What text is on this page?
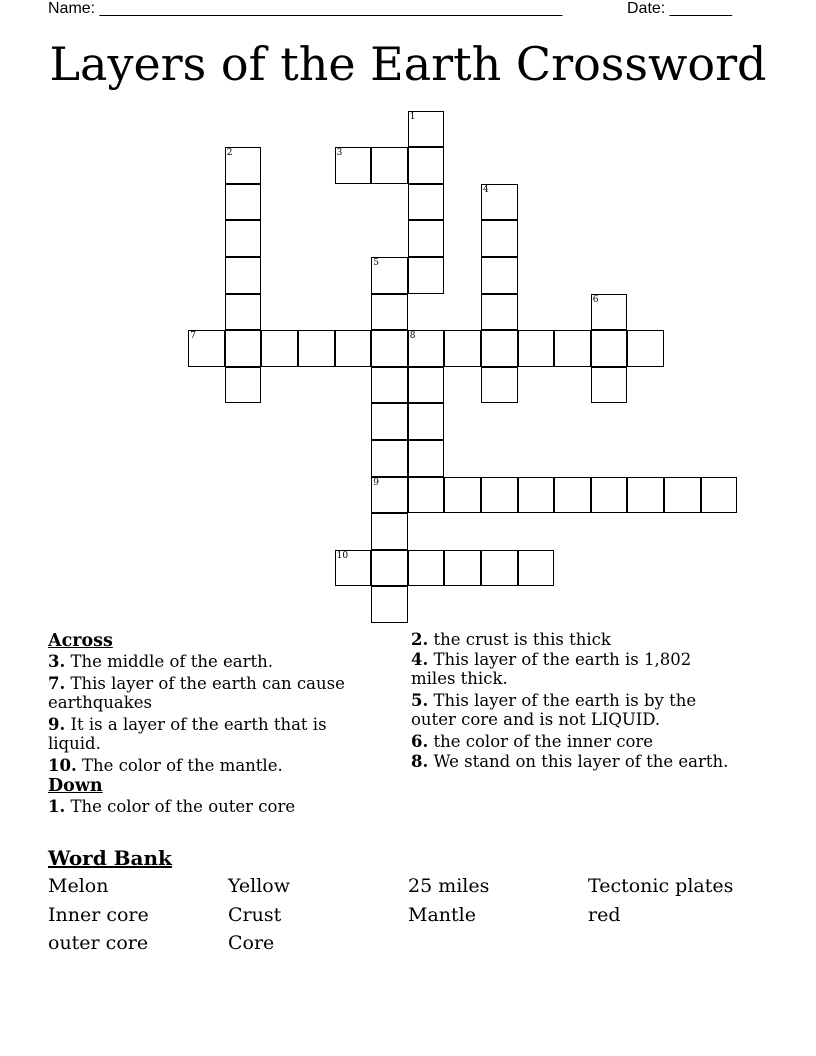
Name: ____________________________________________________	Date: _______
Layers of the Earth Crossword
1
2	3
4
5
9
6
7	8
10

Across

3. The middle of the earth.

7. This layer of the earth can cause earthquakes

9. It is a layer of the earth that is liquid.

10. The color of the mantle.

Down

1. The color of the outer core

2. the crust is this thick

4. This layer of the earth is 1,802 miles thick.

5. This layer of the earth is by the outer core and is not LIQUID.

6. the color of the inner core

8. We stand on this layer of the earth.

Word Bank

Melon	Yellow	25 miles	Tectonic plates
Inner core	Crust	Mantle	red
outer core	Core
